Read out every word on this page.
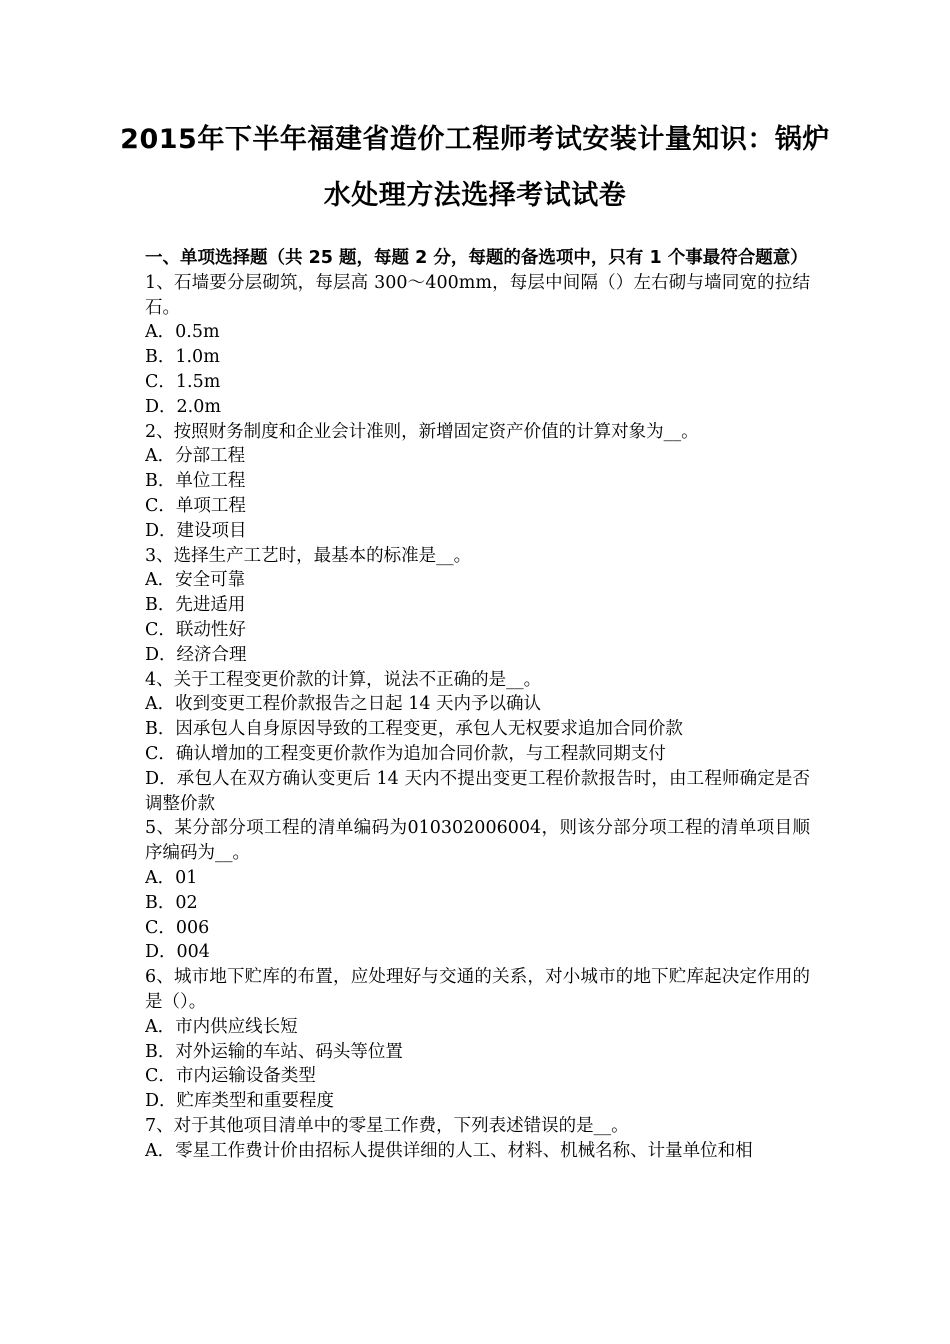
2015年下半年福建省造价工程师考试安装计量知识：锅炉

水处理方法选择考试试卷

一、单项选择题（共 25 题，每题 2 分，每题的备选项中，只有 1 个事最符合题意）

1、石墙要分层砌筑，每层高 300～400mm，每层中间隔（）左右砌与墙同宽的拉结石。

A．0.5m

B．1.0m

C．1.5m

D．2.0m

2、按照财务制度和企业会计准则，新增固定资产价值的计算对象为__。

A．分部工程

B．单位工程

C．单项工程

D．建设项目

3、选择生产工艺时，最基本的标准是__。

A．安全可靠

B．先进适用

C．联动性好

D．经济合理

4、关于工程变更价款的计算，说法不正确的是__。

A．收到变更工程价款报告之日起 14 天内予以确认

B．因承包人自身原因导致的工程变更，承包人无权要求追加合同价款

C．确认增加的工程变更价款作为追加合同价款，与工程款同期支付

D．承包人在双方确认变更后 14 天内不提出变更工程价款报告时，由工程师确定是否调整价款

5、某分部分项工程的清单编码为010302006004，则该分部分项工程的清单项目顺序编码为__。

A．01

B．02

C．006

D．004

6、城市地下贮库的布置，应处理好与交通的关系，对小城市的地下贮库起决定作用的是（）。

A．市内供应线长短

B．对外运输的车站、码头等位置

C．市内运输设备类型

D．贮库类型和重要程度

7、对于其他项目清单中的零星工作费，下列表述错误的是__。

A．零星工作费计价由招标人提供详细的人工、材料、机械名称、计量单位和相
